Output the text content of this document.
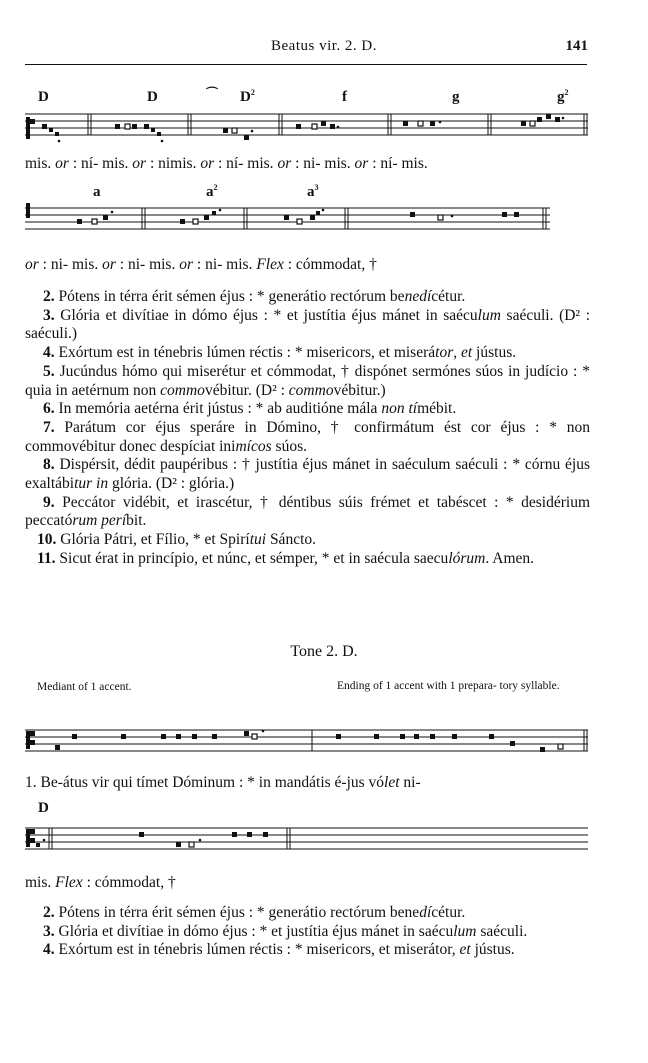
Beatus vir. 2. D.	141
D	D	⌒ $D^2$	f	g	$g^2$
mis. or : ní- mis. or : nimis. or : ní- mis. or : ni- mis. or : ní- mis.
a	$a^2$	$a^3$
or : ni- mis. or : ni- mis. or : ni- mis. Flex : cómmodat, †
2. Pótens in térra érit sémen éjus : * generátio rectórum benedícétur.
3. Glória et divítiae in dómo éjus : * et justítia éjus mánet in saéculum saéculi. (D² : saéculi.)
4. Exórtum est in ténebris lúmen réctis : * misericors, et miserátor, et jústus.
5. Jucúndus hómo qui miserétur et cómmodat, † dispónet sermónes súos in judício : * quia in aetérnum non commovébitur. (D² : commovébitur.)
6. In memória aetérna érit jústus : * ab auditióne mála non tímébit.
7. Parátum cor éjus speráre in Dómino, † confirmátum ést cor éjus : * non commovébitur donec despíciat inimícos súos.
8. Dispérsit, dédit paupéribus : † justítia éjus mánet in saéculum saéculi : * córnu éjus exaltábitur in glória. (D² : glória.)
9. Peccátor vidébit, et irascétur, † déntibus súis frémet et tabéscet : * desidérium peccatórum períbit.
10. Glória Pátri, et Fílio, * et Spirítui Sáncto.
11. Sicut érat in princípio, et núnc, et sémper, * et in saécula saeculórum. Amen.
Tone 2. D.
Mediant of 1 accent.	Ending of 1 accent with 1 prepara- tory syllable.
1. Be-átus vir qui tímet Dóminum : * in mandátis é-jus vólet ni-
D
mis. Flex : cómmodat, †
2. Pótens in térra érit sémen éjus : * generátio rectórum benedícétur.
3. Glória et divítiae in dómo éjus : * et justítia éjus mánet in saéculum saéculi.
4. Exórtum est in ténebris lúmen réctis : * misericors, et miserátor, et jústus.
